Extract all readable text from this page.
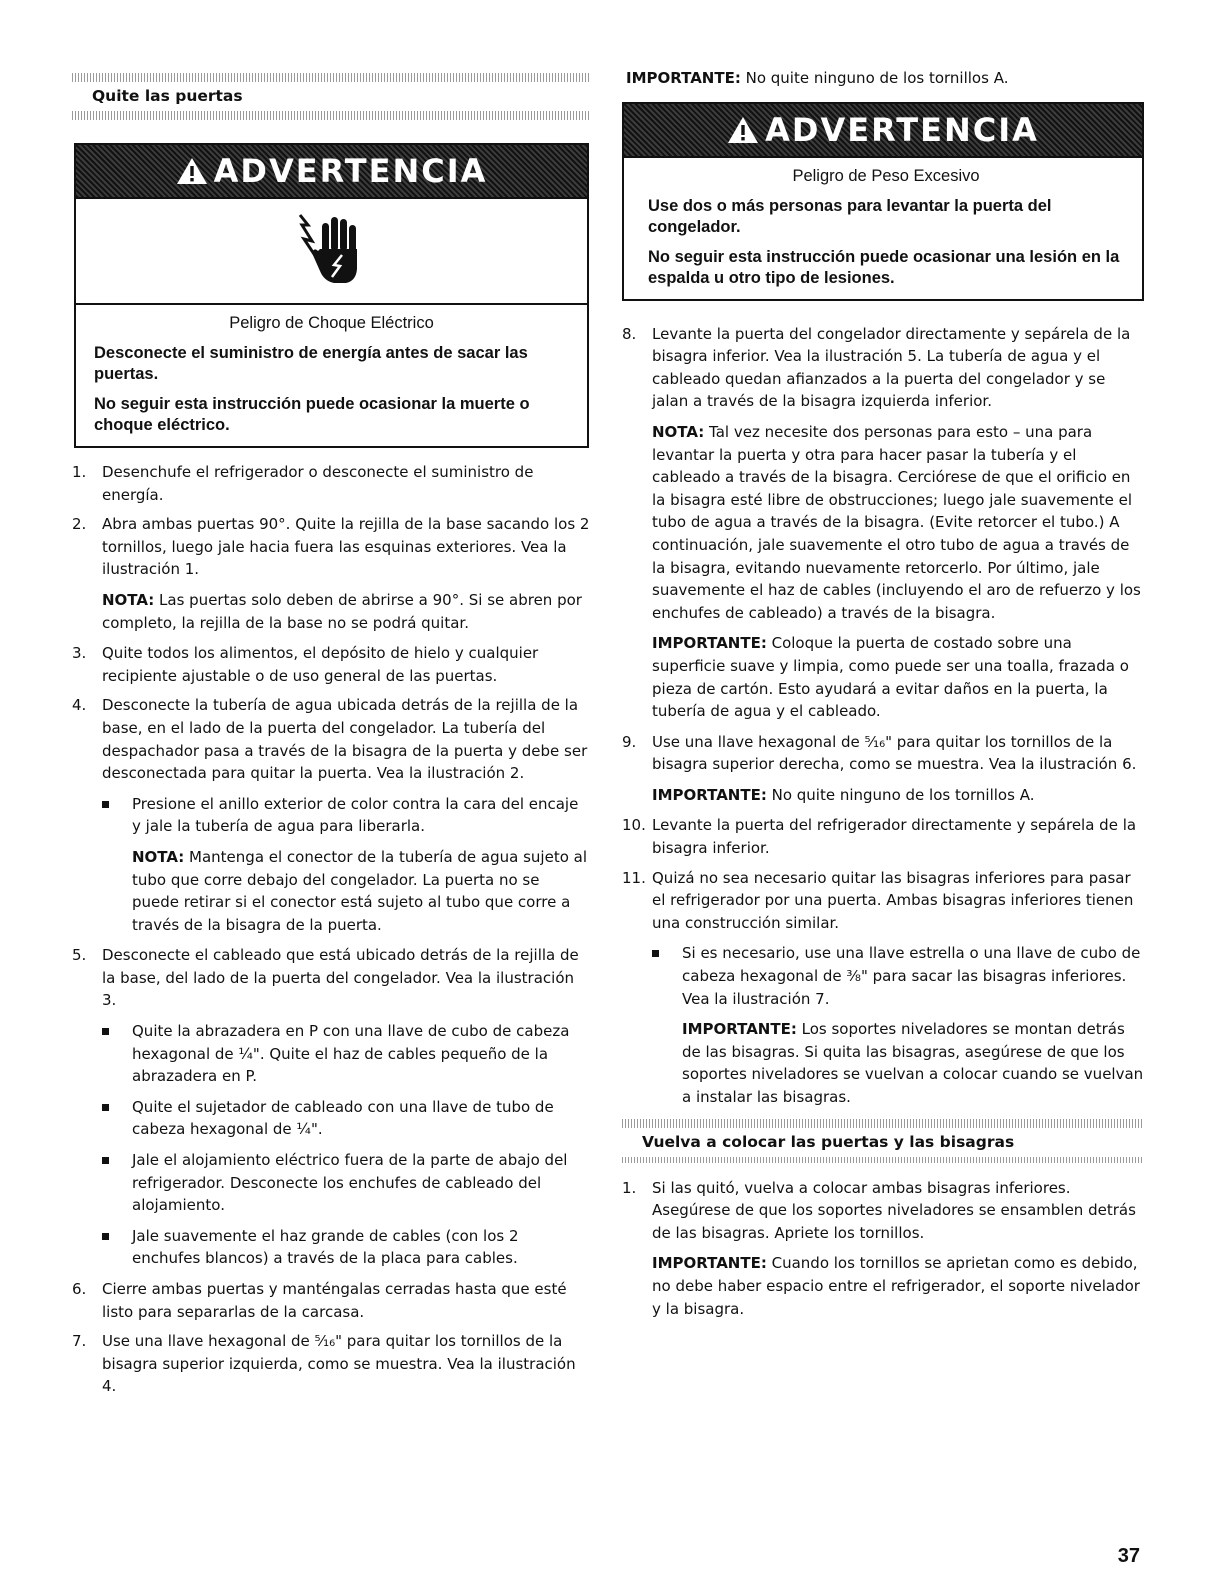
Quite las puertas
ADVERTENCIA
Peligro de Choque Eléctrico

Desconecte el suministro de energía antes de sacar las puertas.

No seguir esta instrucción puede ocasionar la muerte o choque eléctrico.

1. Desenchufe el refrigerador o desconecte el suministro de energía.
2. Abra ambas puertas 90°. Quite la rejilla de la base sacando los 2 tornillos, luego jale hacia fuera las esquinas exteriores. Vea la ilustración 1.

NOTA: Las puertas solo deben de abrirse a 90°. Si se abren por completo, la rejilla de la base no se podrá quitar.

3. Quite todos los alimentos, el depósito de hielo y cualquier recipiente ajustable o de uso general de las puertas.
4. Desconecte la tubería de agua ubicada detrás de la rejilla de la base, en el lado de la puerta del congelador. La tubería del despachador pasa a través de la bisagra de la puerta y debe ser desconectada para quitar la puerta. Vea la ilustración 2.

Presione el anillo exterior de color contra la cara del encaje y jale la tubería de agua para liberarla.

NOTA: Mantenga el conector de la tubería de agua sujeto al tubo que corre debajo del congelador. La puerta no se puede retirar si el conector está sujeto al tubo que corre a través de la bisagra de la puerta.

5. Desconecte el cableado que está ubicado detrás de la rejilla de la base, del lado de la puerta del congelador. Vea la ilustración 3.

Quite la abrazadera en P con una llave de cubo de cabeza hexagonal de ¼". Quite el haz de cables pequeño de la abrazadera en P.

Quite el sujetador de cableado con una llave de tubo de cabeza hexagonal de ¼".

Jale el alojamiento eléctrico fuera de la parte de abajo del refrigerador. Desconecte los enchufes de cableado del alojamiento.

Jale suavemente el haz grande de cables (con los 2 enchufes blancos) a través de la placa para cables.

6. Cierre ambas puertas y manténgalas cerradas hasta que esté listo para separarlas de la carcasa.
7. Use una llave hexagonal de ⁵⁄₁₆" para quitar los tornillos de la bisagra superior izquierda, como se muestra. Vea la ilustración 4.
IMPORTANTE: No quite ninguno de los tornillos A.
ADVERTENCIA
Peligro de Peso Excesivo

Use dos o más personas para levantar la puerta del congelador.

No seguir esta instrucción puede ocasionar una lesión en la espalda u otro tipo de lesiones.

8. Levante la puerta del congelador directamente y sepárela de la bisagra inferior. Vea la ilustración 5. La tubería de agua y el cableado quedan afianzados a la puerta del congelador y se jalan a través de la bisagra izquierda inferior.

NOTA: Tal vez necesite dos personas para esto – una para levantar la puerta y otra para hacer pasar la tubería y el cableado a través de la bisagra. Cerciórese de que el orificio en la bisagra esté libre de obstrucciones; luego jale suavemente el tubo de agua a través de la bisagra. (Evite retorcer el tubo.) A continuación, jale suavemente el otro tubo de agua a través de la bisagra, evitando nuevamente retorcerlo. Por último, jale suavemente el haz de cables (incluyendo el aro de refuerzo y los enchufes de cableado) a través de la bisagra.

IMPORTANTE: Coloque la puerta de costado sobre una superficie suave y limpia, como puede ser una toalla, frazada o pieza de cartón. Esto ayudará a evitar daños en la puerta, la tubería de agua y el cableado.

9. Use una llave hexagonal de ⁵⁄₁₆" para quitar los tornillos de la bisagra superior derecha, como se muestra. Vea la ilustración 6.

IMPORTANTE: No quite ninguno de los tornillos A.

10. Levante la puerta del refrigerador directamente y sepárela de la bisagra inferior.
11. Quizá no sea necesario quitar las bisagras inferiores para pasar el refrigerador por una puerta. Ambas bisagras inferiores tienen una construcción similar.

Si es necesario, use una llave estrella o una llave de cubo de cabeza hexagonal de ⅜" para sacar las bisagras inferiores. Vea la ilustración 7.

IMPORTANTE: Los soportes niveladores se montan detrás de las bisagras. Si quita las bisagras, asegúrese de que los soportes niveladores se vuelvan a colocar cuando se vuelvan a instalar las bisagras.

Vuelva a colocar las puertas y las bisagras
1. Si las quitó, vuelva a colocar ambas bisagras inferiores. Asegúrese de que los soportes niveladores se ensamblen detrás de las bisagras. Apriete los tornillos.

IMPORTANTE: Cuando los tornillos se aprietan como es debido, no debe haber espacio entre el refrigerador, el soporte nivelador y la bisagra.

37
